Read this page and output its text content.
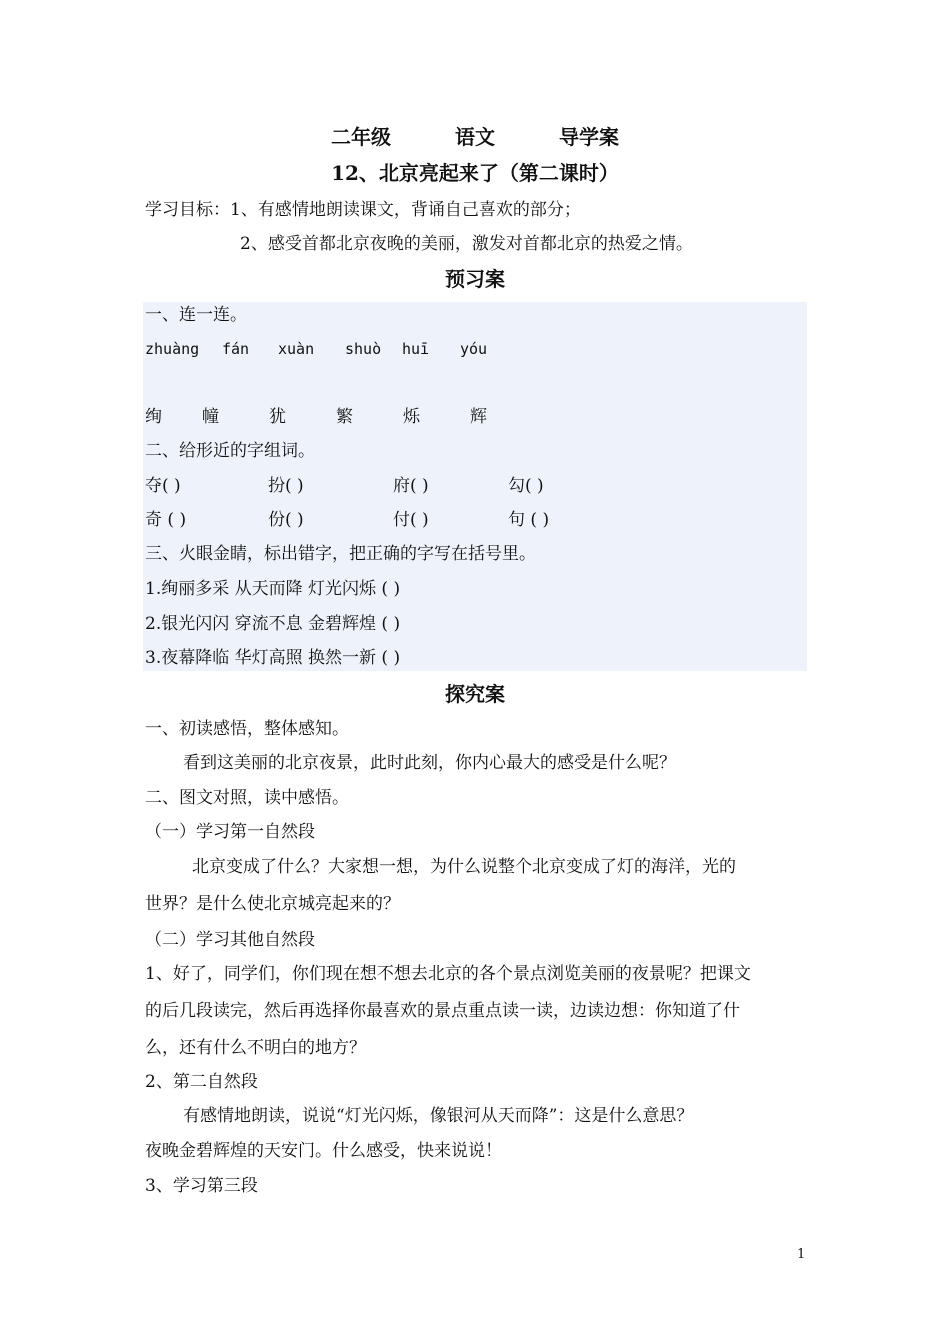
二年级	语文	导学案
12、北京亮起来了（第二课时）
学习目标：1、有感情地朗读课文，背诵自己喜欢的部分；
2、感受首都北京夜晚的美丽，激发对首都北京的热爱之情。
预习案
一、连一连。
zhuàng fán xuàn shuò huī yóu
绚 幢	犹	繁	烁	辉
二、给形近的字组词。
夺( )	扮( )	府( )	勾( )
奇 ( )	份( )	付( )	句 ( )
三、火眼金睛，标出错字，把正确的字写在括号里。
1.绚丽多采 从天而降 灯光闪烁 ( )
2.银光闪闪 穿流不息 金碧辉煌 ( )
3.夜幕降临 华灯高照 换然一新 ( )
探究案
一、初读感悟，整体感知。
看到这美丽的北京夜景，此时此刻，你内心最大的感受是什么呢？
二、图文对照，读中感悟。
（一）学习第一自然段
北京变成了什么？大家想一想，为什么说整个北京变成了灯的海洋，光的
世界？是什么使北京城亮起来的？
（二）学习其他自然段
1、好了，同学们，你们现在想不想去北京的各个景点浏览美丽的夜景呢？把课文
的后几段读完，然后再选择你最喜欢的景点重点读一读，边读边想：你知道了什
么，还有什么不明白的地方？
2、第二自然段
有感情地朗读，说说“灯光闪烁，像银河从天而降”：这是什么意思？
夜晚金碧辉煌的天安门。什么感受，快来说说！
3、学习第三段
1
